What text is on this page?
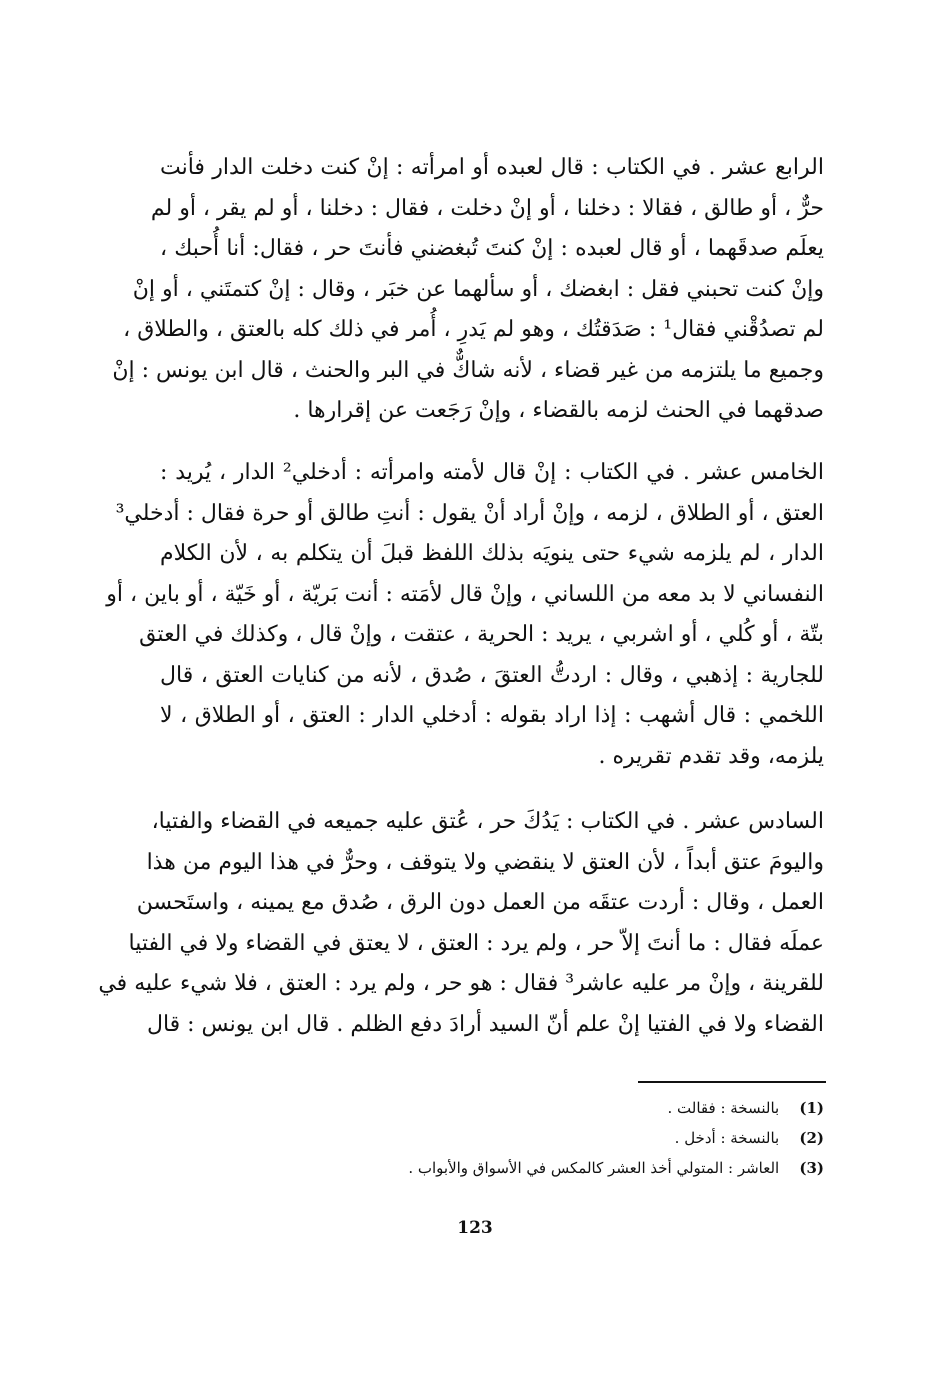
الرابع عشر . في الكتاب : قال لعبده أو امرأته : إنْ كنت دخلت الدار فأنت
حرٌّ ، أو طالق ، فقالا : دخلنا ، أو إنْ دخلت ، فقال : دخلنا ، أو لم يقر ، أو لم
يعلَم صدقَهما ، أو قال لعبده : إنْ كنتَ تُبغضني فأنتَ حر ، فقال: أنا أُحبك ،
وإنْ كنت تحبني فقل : ابغضك ، أو سألهما عن خبَر ، وقال : إنْ كتمتَني ، أو إنْ
لم تصدُقْني فقال¹ : صَدَقتُك ، وهو لم يَدرِ ، أُمر في ذلك كله بالعتق ، والطلاق ،
وجميع ما يلتزمه من غير قضاء ، لأنه شاكٌّ في البر والحنث ، قال ابن يونس : إنْ
صدقهما في الحنث لزمه بالقضاء ، وإنْ رَجَعت عن إقرارها .
الخامس عشر . في الكتاب : إنْ قال لأمته وامرأته : أدخلي² الدار ، يُريد :
العتق ، أو الطلاق ، لزمه ، وإنْ أراد أنْ يقول : أنتِ طالق أو حرة فقال : أدخلي³
الدار ، لم يلزمه شيء حتى ينويَه بذلك اللفظ قبلَ أن يتكلم به ، لأن الكلام
النفساني لا بد معه من اللساني ، وإنْ قال لأمَته : أنت بَريّة ، أو خَيّة ، أو باين ، أو
بتّة ، أو كُلي ، أو اشربي ، يريد : الحرية ، عتقت ، وإنْ قال ، وكذلك في العتق
للجارية : إذهبي ، وقال : اردتُّ العتقَ ، صُدق ، لأنه من كنايات العتق ، قال
اللخمي : قال أشهب : إذا اراد بقوله : أدخلي الدار : العتق ، أو الطلاق ، لا
يلزمه، وقد تقدم تقريره .
السادس عشر . في الكتاب : يَدُكَ حر ، عُتق عليه جميعه في القضاء والفتيا،
واليومَ عتق أبداً ، لأن العتق لا ينقضي ولا يتوقف ، وحرٌّ في هذا اليوم من هذا
العمل ، وقال : أردت عتقَه من العمل دون الرق ، صُدق مع يمينه ، واستَحسن
عملَه فقال : ما أنتَ إلاّ حر ، ولم يرد : العتق ، لا يعتق في القضاء ولا في الفتيا
للقرينة ، وإنْ مر عليه عاشر³ فقال : هو حر ، ولم يرد : العتق ، فلا شيء عليه في
القضاء ولا في الفتيا إنْ علم أنّ السيد أرادَ دفع الظلم . قال ابن يونس : قال
(1) بالنسخة : فقالت .
(2) بالنسخة : أدخل .
(3) العاشر : المتولي أخذ العشر كالمكس في الأسواق والأبواب .
123
